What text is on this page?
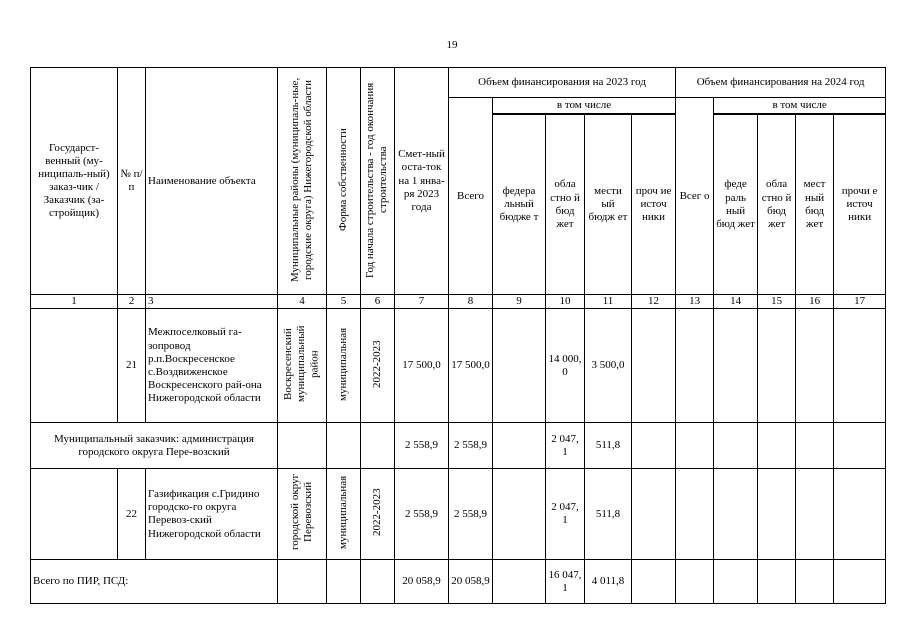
19
Государст-венный (му-ниципаль-ный) заказ-чик / Заказчик (за-стройщик)	№ п/п	Наименование объекта	Муниципальные районы (муниципаль-ные, городские округа) Нижегородской области	Форма собственности	Год начала строительства - год окончания строительства	Смет-ный оста-ток на 1 янва-ря 2023 года	Объем финансирования на 2023 год					Объем финансирования на 2024 год				
							Всего	в том числе				Всег о	в том числе			

								федера льный бюдже т	обла стно й бюд жет	мести ый бюдж ет	проч ие источ ники		феде раль ный бюд жет	обла стно й бюд жет	мест ный бюд жет	прочи е источ ники
1	2	3	4	5	6	7	8	9	10	11	12	13	14	15	16	17
	21	Межпоселковый га-зопровод р.п.Воскресенское с.Воздвиженское Воскресенского рай-она Нижегородской области	Воскресенский муниципальный район	муниципальная	2022-2023	17 500,0	17 500,0		14 000, 0	3 500,0						
Муниципальный заказчик: администрация городского округа Пере-возский						2 558,9	2 558,9		2 047, 1	511,8						
	22	Газификация с.Гридино городско-го округа Перевоз-ский Нижегородской области	городской округ Перевозский	муниципальная	2022-2023	2 558,9	2 558,9		2 047, 1	511,8						
Всего по ПИР, ПСД:						20 058,9	20 058,9		16 047, 1	4 011,8						
